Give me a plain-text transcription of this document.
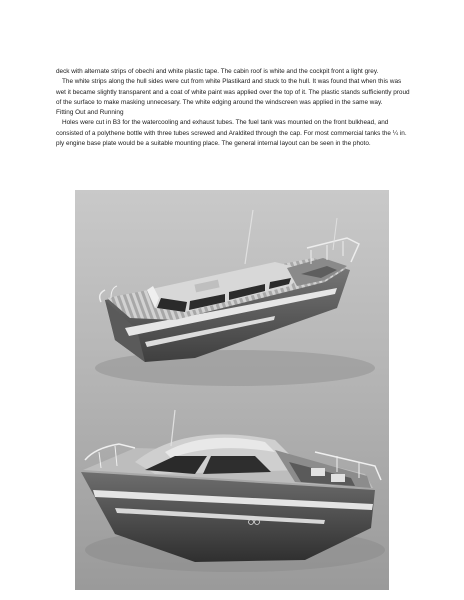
deck with alternate strips of obechi and white plastic tape. The cabin roof is white and the cockpit front a light grey.

The white strips along the hull sides were cut from white Plastikard and stuck to the hull. It was found that when this was wet it became slightly transparent and a coat of white paint was applied over the top of it. The plastic stands sufficiently proud of the surface to make masking unnecesary. The white edging around the windscreen was applied in the same way.

Fitting Out and Running

Holes were cut in B3 for the watercooling and exhaust tubes. The fuel tank was mounted on the front bulkhead, and consisted of a polythene bottle with three tubes screwed and Araldited through the cap. For most commercial tanks the ¼ in. ply engine base plate would be a suitable mounting place. The general internal layout can be seen in the photo.
